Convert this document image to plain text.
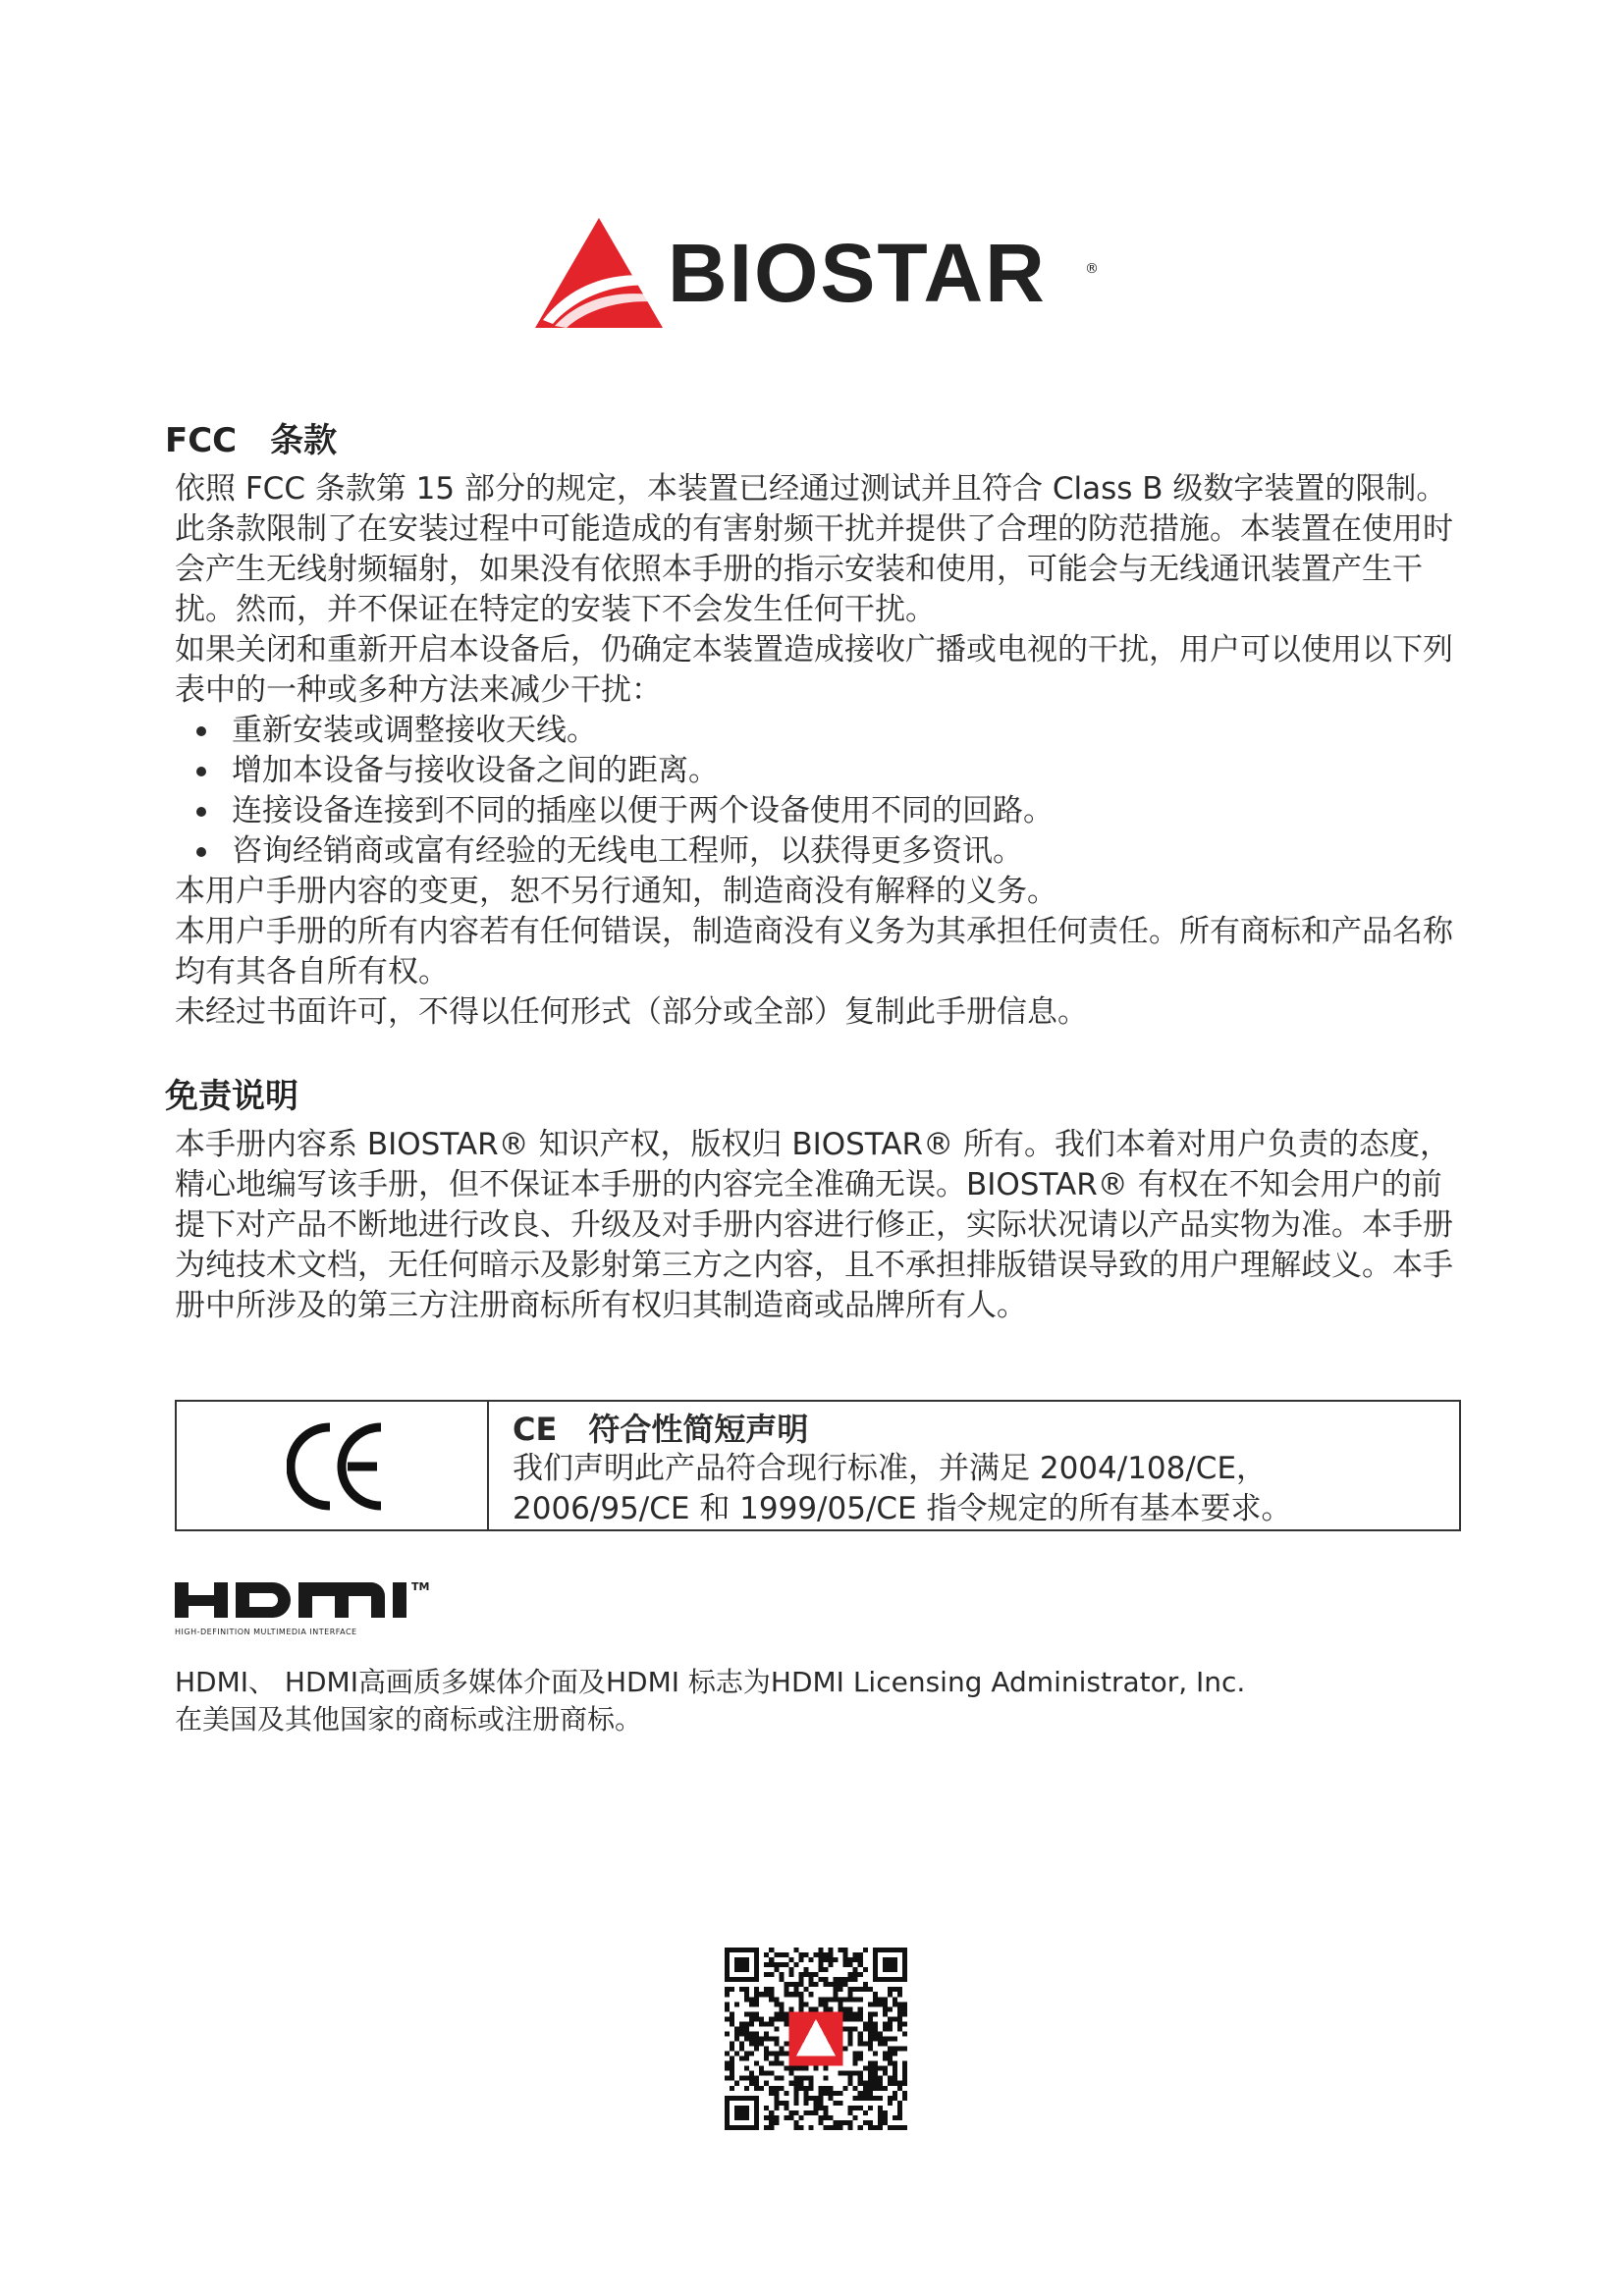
BIOSTAR	®
FCC　条款

依照 FCC 条款第 15 部分的规定，本装置已经通过测试并且符合 Class B 级数字装置的限制。此条款限制了在安装过程中可能造成的有害射频干扰并提供了合理的防范措施。本装置在使用时会产生无线射频辐射，如果没有依照本手册的指示安装和使用，可能会与无线通讯装置产生干扰。然而，并不保证在特定的安装下不会发生任何干扰。

如果关闭和重新开启本设备后，仍确定本装置造成接收广播或电视的干扰，用户可以使用以下列表中的一种或多种方法来减少干扰：

重新安装或调整接收天线。
增加本设备与接收设备之间的距离。
连接设备连接到不同的插座以便于两个设备使用不同的回路。
咨询经销商或富有经验的无线电工程师，以获得更多资讯。

本用户手册内容的变更，恕不另行通知，制造商没有解释的义务。

本用户手册的所有内容若有任何错误，制造商没有义务为其承担任何责任。所有商标和产品名称均有其各自所有权。

未经过书面许可，不得以任何形式（部分或全部）复制此手册信息。

免责说明

本手册内容系 BIOSTAR® 知识产权，版权归 BIOSTAR® 所有。我们本着对用户负责的态度，精心地编写该手册，但不保证本手册的内容完全准确无误。BIOSTAR® 有权在不知会用户的前提下对产品不断地进行改良、升级及对手册内容进行修正，实际状况请以产品实物为准。本手册为纯技术文档，无任何暗示及影射第三方之内容，且不承担排版错误导致的用户理解歧义。本手册中所涉及的第三方注册商标所有权归其制造商或品牌所有人。

CE　符合性简短声明

我们声明此产品符合现行标准，并满足 2004/108/CE，
2006/95/CE 和 1999/05/CE 指令规定的所有基本要求。

TM
HIGH-DEFINITION MULTIMEDIA INTERFACE

HDMI、 HDMI高画质多媒体介面及HDMI 标志为HDMI Licensing Administrator, Inc.

在美国及其他国家的商标或注册商标。
